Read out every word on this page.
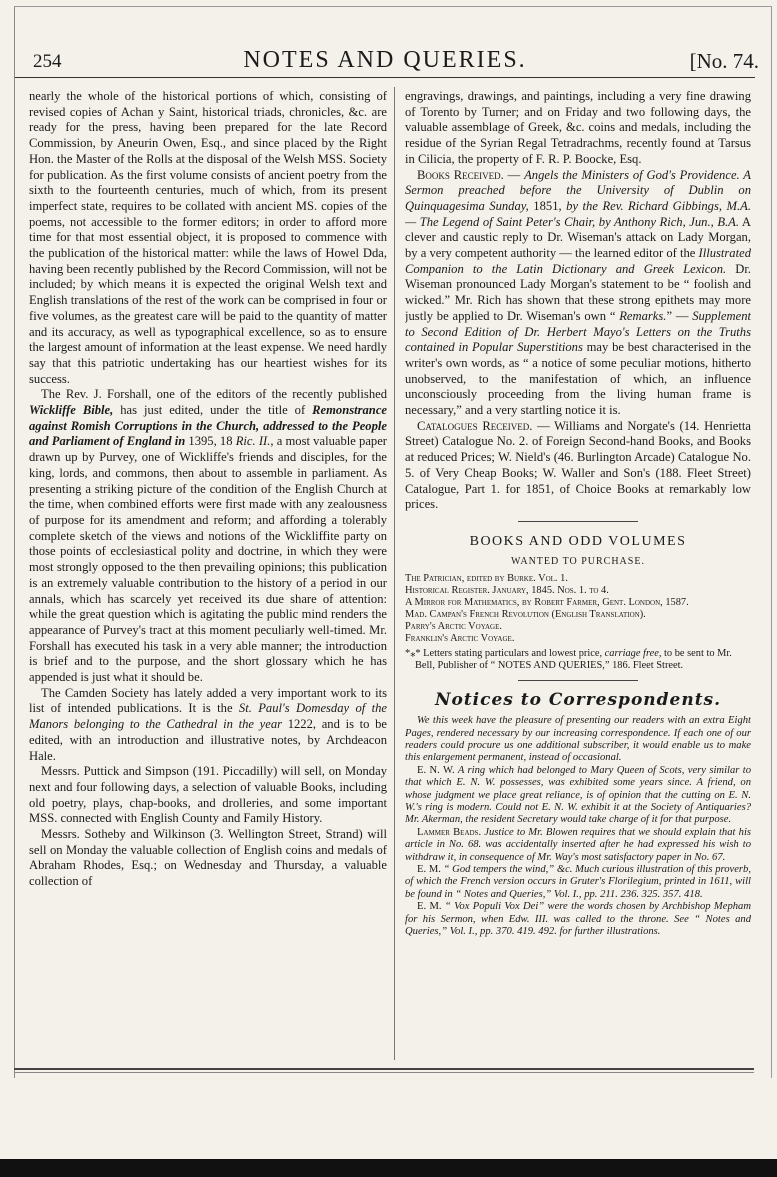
254	NOTES AND QUERIES.	[No. 74.

nearly the whole of the historical portions of which, consisting of revised copies of Achan y Saint, historical triads, chronicles, &c. are ready for the press, having been prepared for the late Record Commission, by Aneurin Owen, Esq., and since placed by the Right Hon. the Master of the Rolls at the disposal of the Welsh MSS. Society for publication. As the first volume consists of ancient poetry from the sixth to the fourteenth centuries, much of which, from its present imperfect state, requires to be collated with ancient MS. copies of the poems, not accessible to the former editors; in order to afford more time for that most essential object, it is proposed to commence with the publication of the historical matter: while the laws of Howel Dda, having been recently published by the Record Commission, will not be included; by which means it is expected the original Welsh text and English translations of the rest of the work can be comprised in four or five volumes, as the greatest care will be paid to the quantity of matter and its accuracy, as well as typographical excellence, so as to ensure the largest amount of information at the least expense. We need hardly say that this patriotic undertaking has our heartiest wishes for its success.

The Rev. J. Forshall, one of the editors of the recently published Wickliffe Bible, has just edited, under the title of Remonstrance against Romish Corruptions in the Church, addressed to the People and Parliament of England in 1395, 18 Ric. II., a most valuable paper drawn up by Purvey, one of Wickliffe's friends and disciples, for the king, lords, and commons, then about to assemble in parliament. As presenting a striking picture of the condition of the English Church at the time, when combined efforts were first made with any zealousness of purpose for its amendment and reform; and affording a tolerably complete sketch of the views and notions of the Wickliffite party on those points of ecclesiastical polity and doctrine, in which they were most strongly opposed to the then prevailing opinions; this publication is an extremely valuable contribution to the history of a period in our annals, which has scarcely yet received its due share of attention: while the great question which is agitating the public mind renders the appearance of Purvey's tract at this moment peculiarly well-timed. Mr. Forshall has executed his task in a very able manner; the introduction is brief and to the purpose, and the short glossary which he has appended is just what it should be.

The Camden Society has lately added a very important work to its list of intended publications. It is the St. Paul's Domesday of the Manors belonging to the Cathedral in the year 1222, and is to be edited, with an introduction and illustrative notes, by Archdeacon Hale.

Messrs. Puttick and Simpson (191. Piccadilly) will sell, on Monday next and four following days, a selection of valuable Books, including old poetry, plays, chap-books, and drolleries, and some important MSS. connected with English County and Family History.

Messrs. Sotheby and Wilkinson (3. Wellington Street, Strand) will sell on Monday the valuable collection of English coins and medals of Abraham Rhodes, Esq.; on Wednesday and Thursday, a valuable collection of

engravings, drawings, and paintings, including a very fine drawing of Torento by Turner; and on Friday and two following days, the valuable assemblage of Greek, &c. coins and medals, including the residue of the Syrian Regal Tetradrachms, recently found at Tarsus in Cilicia, the property of F. R. P. Boocke, Esq.

Books Received. — Angels the Ministers of God's Providence. A Sermon preached before the University of Dublin on Quinquagesima Sunday, 1851, by the Rev. Richard Gibbings, M.A.— The Legend of Saint Peter's Chair, by Anthony Rich, Jun., B.A. A clever and caustic reply to Dr. Wiseman's attack on Lady Morgan, by a very competent authority — the learned editor of the Illustrated Companion to the Latin Dictionary and Greek Lexicon. Dr. Wiseman pronounced Lady Morgan's statement to be “ foolish and wicked.” Mr. Rich has shown that these strong epithets may more justly be applied to Dr. Wiseman's own “ Remarks.” — Supplement to Second Edition of Dr. Herbert Mayo's Letters on the Truths contained in Popular Superstitions may be best characterised in the writer's own words, as “ a notice of some peculiar motions, hitherto unobserved, to the manifestation of which, an influence unconsciously proceeding from the living human frame is necessary,” and a very startling notice it is.

Catalogues Received. — Williams and Norgate's (14. Henrietta Street) Catalogue No. 2. of Foreign Second-hand Books, and Books at reduced Prices; W. Nield's (46. Burlington Arcade) Catalogue No. 5. of Very Cheap Books; W. Waller and Son's (188. Fleet Street) Catalogue, Part 1. for 1851, of Choice Books at remarkably low prices.

BOOKS AND ODD VOLUMES
WANTED TO PURCHASE.
The Patrician, edited by Burke. Vol. 1.
Historical Register. January, 1845. Nos. 1. to 4.
A Mirror for Mathematics, by Robert Farmer, Gent. London, 1587.
Mad. Campan's French Revolution (English Translation).
Parry's Arctic Voyage.
Franklin's Arctic Voyage.
*⁎* Letters stating particulars and lowest price, carriage free, to be sent to Mr. Bell, Publisher of “ NOTES AND QUERIES,” 186. Fleet Street.
Notices to Correspondents.

We this week have the pleasure of presenting our readers with an extra Eight Pages, rendered necessary by our increasing correspondence. If each one of our readers could procure us one additional subscriber, it would enable us to make this enlargement permanent, instead of occasional.

E. N. W. A ring which had belonged to Mary Queen of Scots, very similar to that which E. N. W. possesses, was exhibited some years since. A friend, on whose judgment we place great reliance, is of opinion that the cutting on E. N. W.'s ring is modern. Could not E. N. W. exhibit it at the Society of Antiquaries? Mr. Akerman, the resident Secretary would take charge of it for that purpose.

Lammer Beads. Justice to Mr. Blowen requires that we should explain that his article in No. 68. was accidentally inserted after he had expressed his wish to withdraw it, in consequence of Mr. Way's most satisfactory paper in No. 67.

E. M. “ God tempers the wind,” &c. Much curious illustration of this proverb, of which the French version occurs in Gruter's Florilegium, printed in 1611, will be found in “ Notes and Queries,” Vol. I., pp. 211. 236. 325. 357. 418.

E. M. “ Vox Populi Vox Dei” were the words chosen by Archbishop Mepham for his Sermon, when Edw. III. was called to the throne. See “ Notes and Queries,” Vol. I., pp. 370. 419. 492. for further illustrations.
